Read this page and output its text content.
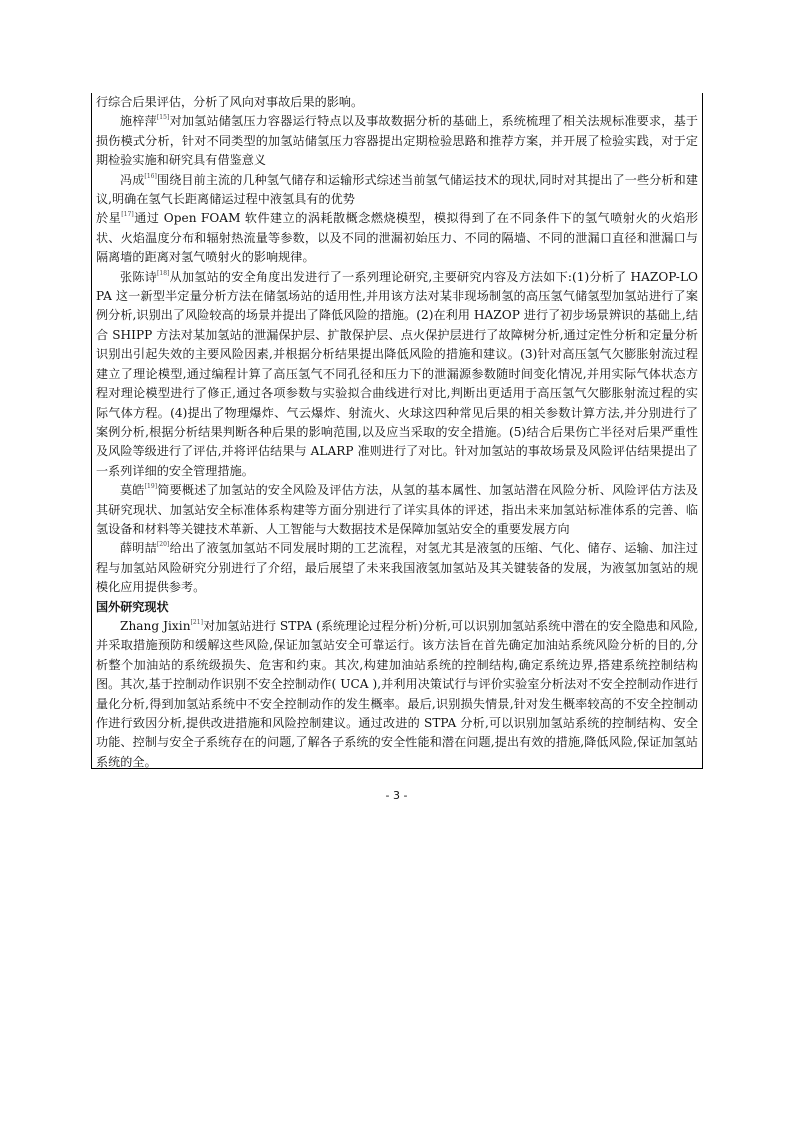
行综合后果评估，分析了风向对事故后果的影响。

施梓萍[15]对加氢站储氢压力容器运行特点以及事故数据分析的基础上，系统梳理了相关法规标准要求，基于损伤模式分析，针对不同类型的加氢站储氢压力容器提出定期检验思路和推荐方案，并开展了检验实践，对于定期检验实施和研究具有借鉴意义

冯成[16]围绕目前主流的几种氢气储存和运输形式综述当前氢气储运技术的现状,同时对其提出了一些分析和建议,明确在氢气长距离储运过程中液氢具有的优势

於星[17]通过 Open FOAM 软件建立的涡耗散概念燃烧模型，模拟得到了在不同条件下的氢气喷射火的火焰形状、火焰温度分布和辐射热流量等参数，以及不同的泄漏初始压力、不同的隔墙、不同的泄漏口直径和泄漏口与隔离墙的距离对氢气喷射火的影响规律。

张陈诗[18]从加氢站的安全角度出发进行了一系列理论研究,主要研究内容及方法如下:(1)分析了 HAZOP-LOPA 这一新型半定量分析方法在储氢场站的适用性,并用该方法对某非现场制氢的高压氢气储氢型加氢站进行了案例分析,识别出了风险较高的场景并提出了降低风险的措施。(2)在利用 HAZOP 进行了初步场景辨识的基础上,结合 SHIPP 方法对某加氢站的泄漏保护层、扩散保护层、点火保护层进行了故障树分析,通过定性分析和定量分析识别出引起失效的主要风险因素,并根据分析结果提出降低风险的措施和建议。(3)针对高压氢气欠膨胀射流过程建立了理论模型,通过编程计算了高压氢气不同孔径和压力下的泄漏源参数随时间变化情况,并用实际气体状态方程对理论模型进行了修正,通过各项参数与实验拟合曲线进行对比,判断出更适用于高压氢气欠膨胀射流过程的实际气体方程。(4)提出了物理爆炸、气云爆炸、射流火、火球这四种常见后果的相关参数计算方法,并分别进行了案例分析,根据分析结果判断各种后果的影响范围,以及应当采取的安全措施。(5)结合后果伤亡半径对后果严重性及风险等级进行了评估,并将评估结果与 ALARP 准则进行了对比。针对加氢站的事故场景及风险评估结果提出了一系列详细的安全管理措施。

莫皓[19]简要概述了加氢站的安全风险及评估方法，从氢的基本属性、加氢站潜在风险分析、风险评估方法及其研究现状、加氢站安全标准体系构建等方面分别进行了详实具体的评述，指出未来加氢站标准体系的完善、临氢设备和材料等关键技术革新、人工智能与大数据技术是保障加氢站安全的重要发展方向

薛明喆[20]给出了液氢加氢站不同发展时期的工艺流程，对氢尤其是液氢的压缩、气化、储存、运输、加注过程与加氢站风险研究分别进行了介绍，最后展望了未来我国液氢加氢站及其关键装备的发展，为液氢加氢站的规模化应用提供参考。

国外研究现状

Zhang Jixin[21]对加氢站进行 STPA (系统理论过程分析)分析,可以识别加氢站系统中潜在的安全隐患和风险,并采取措施预防和缓解这些风险,保证加氢站安全可靠运行。该方法旨在首先确定加油站系统风险分析的目的,分析整个加油站的系统级损失、危害和约束。其次,构建加油站系统的控制结构,确定系统边界,搭建系统控制结构图。其次,基于控制动作识别不安全控制动作( UCA ),并利用决策试行与评价实验室分析法对不安全控制动作进行量化分析,得到加氢站系统中不安全控制动作的发生概率。最后,识别损失情景,针对发生概率较高的不安全控制动作进行致因分析,提供改进措施和风险控制建议。通过改进的 STPA 分析,可以识别加氢站系统的控制结构、安全功能、控制与安全子系统存在的问题,了解各子系统的安全性能和潜在问题,提出有效的措施,降低风险,保证加氢站系统的全。

- 3 -
